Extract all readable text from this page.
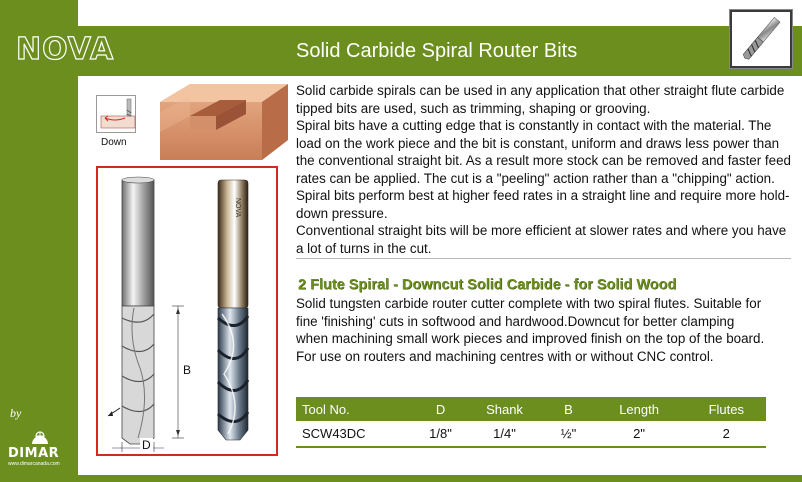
NOVA	Solid Carbide Spiral Router Bits
Down
NOVA
B
D
by
DIMAR
www.dimarcanada.com

Solid carbide spirals can be used in any application that other straight flute carbide tipped bits are used, such as trimming, shaping or grooving.

Spiral bits have a cutting edge that is constantly in contact with the material. The load on the work piece and the bit is constant, uniform and draws less power than the conventional straight bit. As a result more stock can be removed and faster feed rates can be applied. The cut is a "peeling" action rather than a "chipping" action. Spiral bits perform best at higher feed rates in a straight line and require more hold-down pressure.

Conventional straight bits will be more efficient at slower rates and where you have a lot of turns in the cut.

2 Flute Spiral - Downcut Solid Carbide - for Solid Wood
Solid tungsten carbide router cutter complete with two spiral flutes. Suitable for fine 'finishing' cuts in softwood and hardwood.Downcut for better clamping when machining small work pieces and improved finish on the top of the board. For use on routers and machining centres with or without CNC control.
Tool No.	D	Shank	B	Length	Flutes
SCW43DC	1/8"	1/4"	½"	2"	2
